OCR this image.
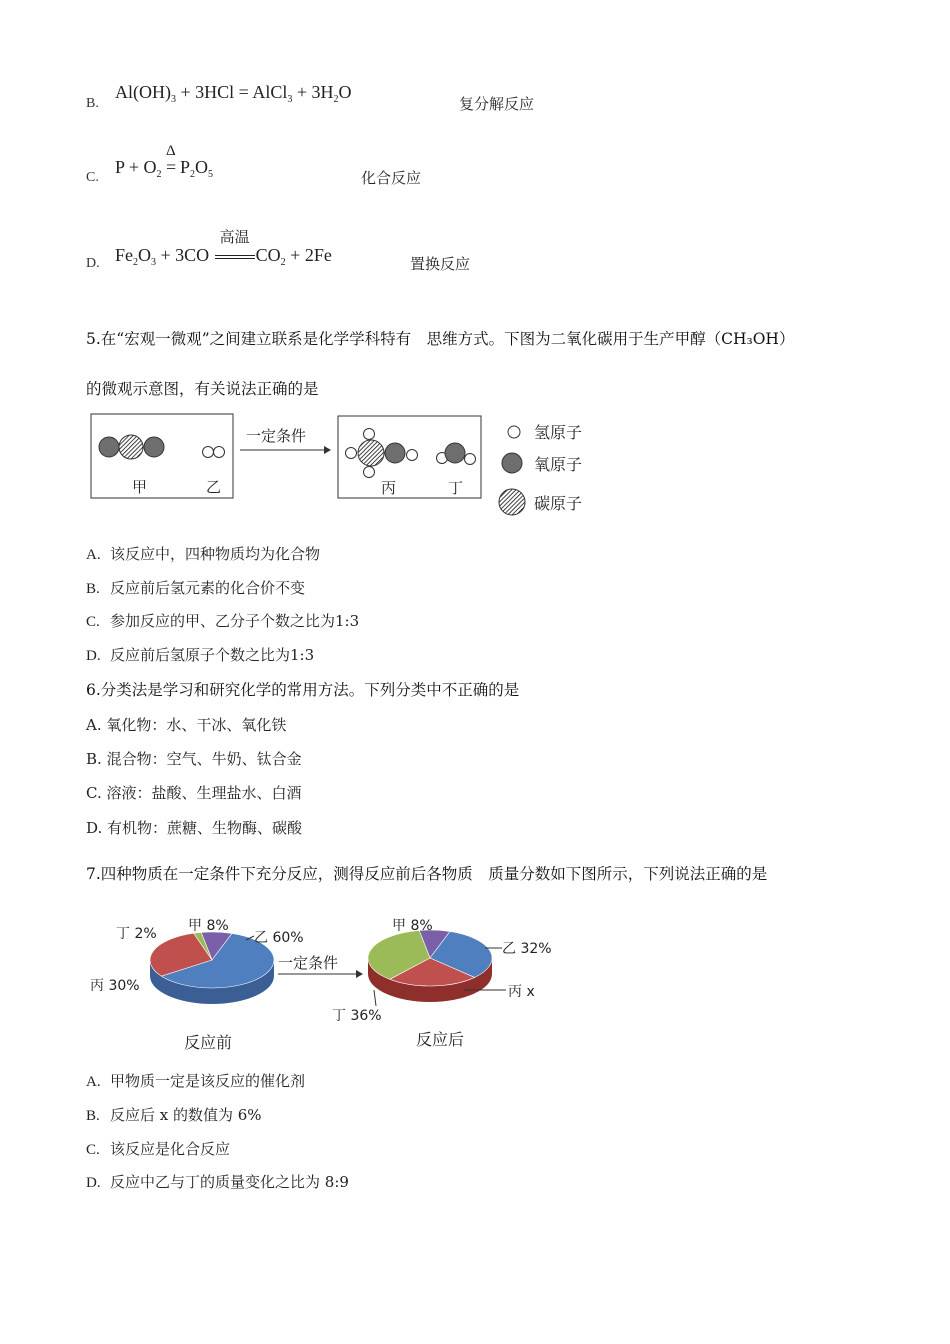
B.
$Al(OH)_3 + 3HCl$ = AlCl$_3$ + $3H_2O$
复分解反应
C.
$P + O_2$
Δ
= $P_2O_5$	化合反应
D. $Fe_2O_3 + 3CO$
高温
$CO_2 + 2Fe$	置换反应
5.在“宏观一微观”之间建立联系是化学学科特有　思维方式。下图为二氧化碳用于生产甲醇（CH₃OH）
的微观示意图，有关说法正确的是
甲	乙
一定条件
丙	丁
氢原子
氧原子
碳原子
A. 该反应中，四种物质均为化合物
B. 反应前后氢元素的化合价不变
C. 参加反应的甲、乙分子个数之比为1:3
D. 反应前后氢原子个数之比为1:3
6.分类法是学习和研究化学的常用方法。下列分类中不正确的是
A. 氧化物：水、干冰、氧化铁
B. 混合物：空气、牛奶、钛合金
C. 溶液：盐酸、生理盐水、白酒
D. 有机物：蔗糖、生物酶、碳酸
7.四种物质在一定条件下充分反应，测得反应前后各物质　质量分数如下图所示，下列说法正确的是
丁 2% 甲 8%
乙 60%
丙 30%
反应前
一定条件
甲 8%
乙 32%
丙 x
丁 36%
反应后
A. 甲物质一定是该反应的催化剂
B. 反应后 x 的数值为 6%
C. 该反应是化合反应
D. 反应中乙与丁的质量变化之比为 8:9
